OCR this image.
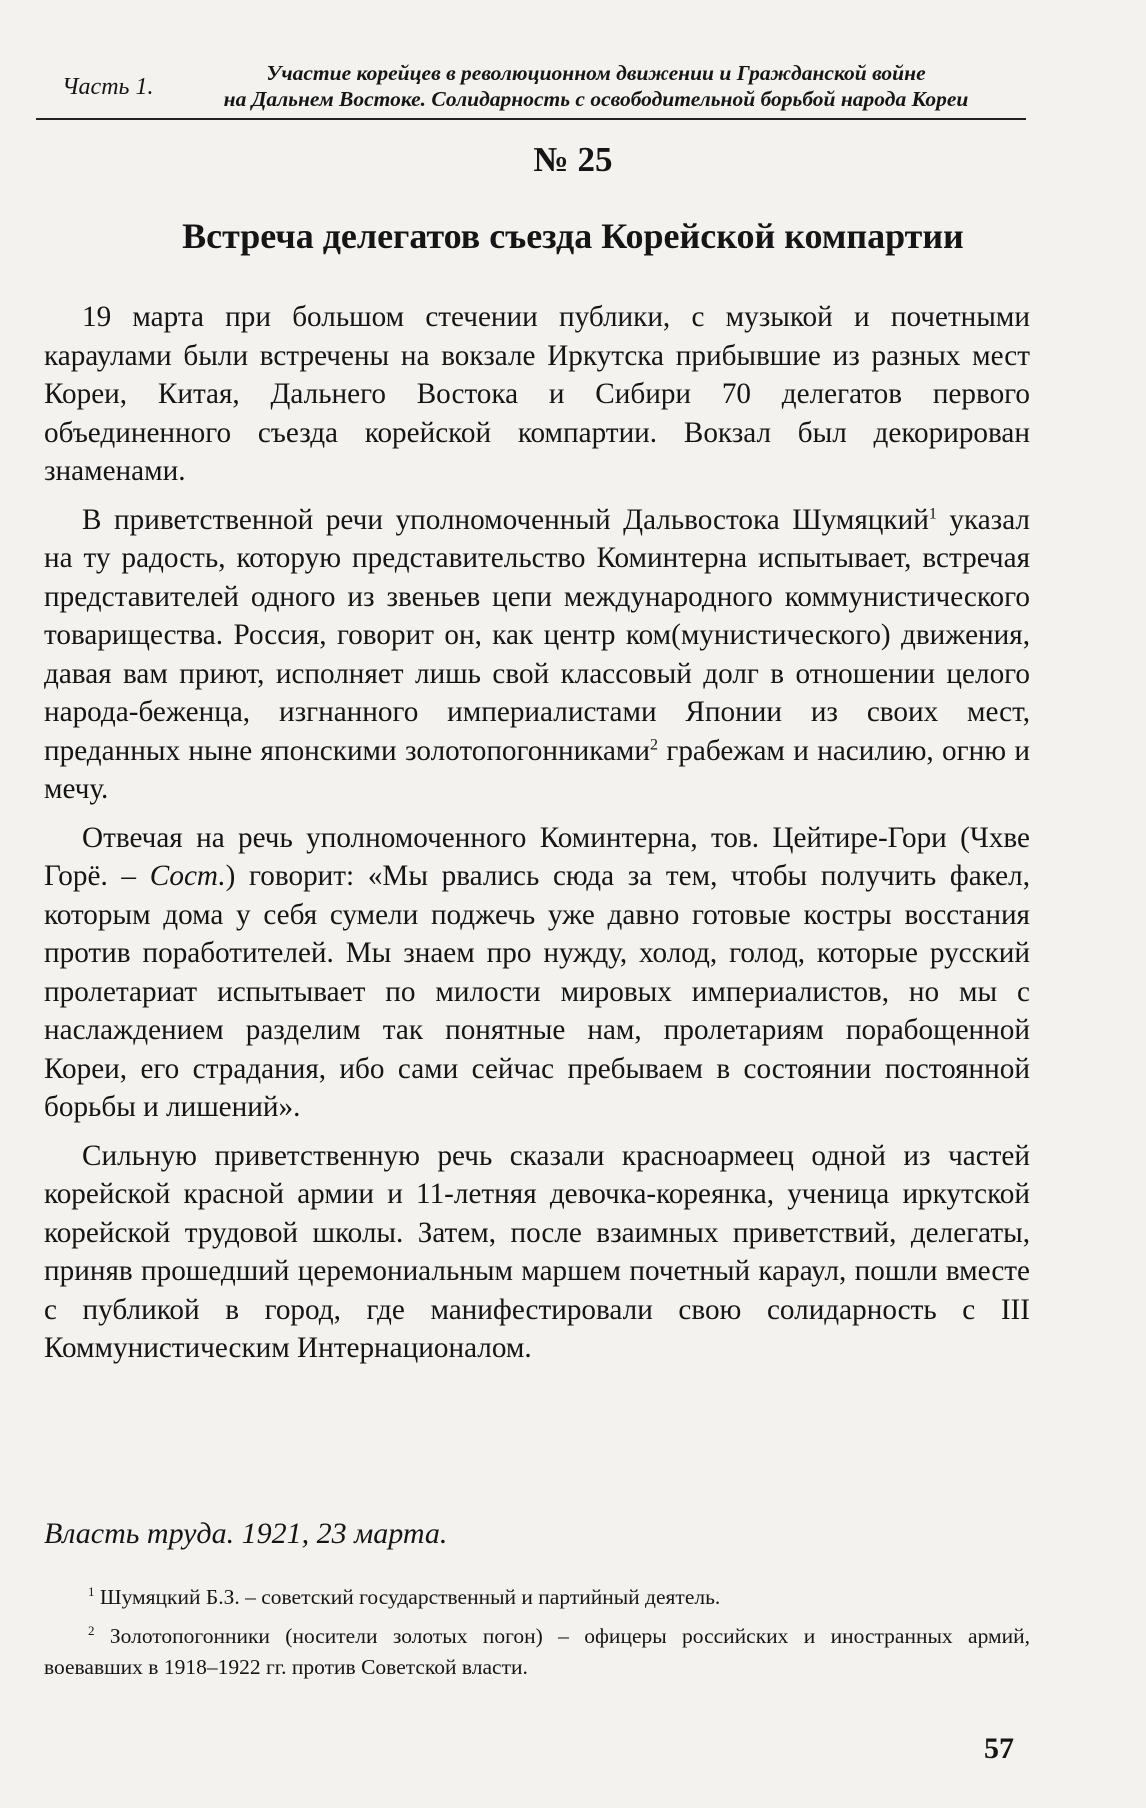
Часть 1.
Участие корейцев в революционном движении и Гражданской войне
на Дальнем Востоке. Солидарность с освободительной борьбой народа Кореи
№ 25
Встреча делегатов съезда Корейской компартии

19 марта при большом стечении публики, с музыкой и почетными караулами были встречены на вокзале Иркутска прибывшие из разных мест Кореи, Китая, Дальнего Востока и Сибири 70 делегатов первого объединенного съезда корейской компартии. Вокзал был декорирован знаменами.

В приветственной речи уполномоченный Дальвостока Шумяцкий$^1$ указал на ту радость, которую представительство Коминтерна испытывает, встречая представителей одного из звеньев цепи международного коммунистического товарищества. Россия, говорит он, как центр ком(мунистического) движения, давая вам приют, исполняет лишь свой классовый долг в отношении целого народа-беженца, изгнанного империалистами Японии из своих мест, преданных ныне японскими золотопогонниками$^2$ грабежам и насилию, огню и мечу.

Отвечая на речь уполномоченного Коминтерна, тов. Цейтире-Гори (Чхве Горё. – Сост.) говорит: «Мы рвались сюда за тем, чтобы получить факел, которым дома у себя сумели поджечь уже давно готовые костры восстания против поработителей. Мы знаем про нужду, холод, голод, которые русский пролетариат испытывает по милости мировых империалистов, но мы с наслаждением разделим так понятные нам, пролетариям порабощенной Кореи, его страдания, ибо сами сейчас пребываем в состоянии постоянной борьбы и лишений».

Сильную приветственную речь сказали красноармеец одной из частей корейской красной армии и 11-летняя девочка-кореянка, ученица иркутской корейской трудовой школы. Затем, после взаимных приветствий, делегаты, приняв прошедший церемониальным маршем почетный караул, пошли вместе с публикой в город, где манифестировали свою солидарность с III Коммунистическим Интернационалом.

Власть труда. 1921, 23 марта.

$^1$ Шумяцкий Б.З. – советский государственный и партийный деятель.

$^2$ Золотопогонники (носители золотых погон) – офицеры российских и иностранных армий, воевавших в 1918–1922 гг. против Советской власти.

57
